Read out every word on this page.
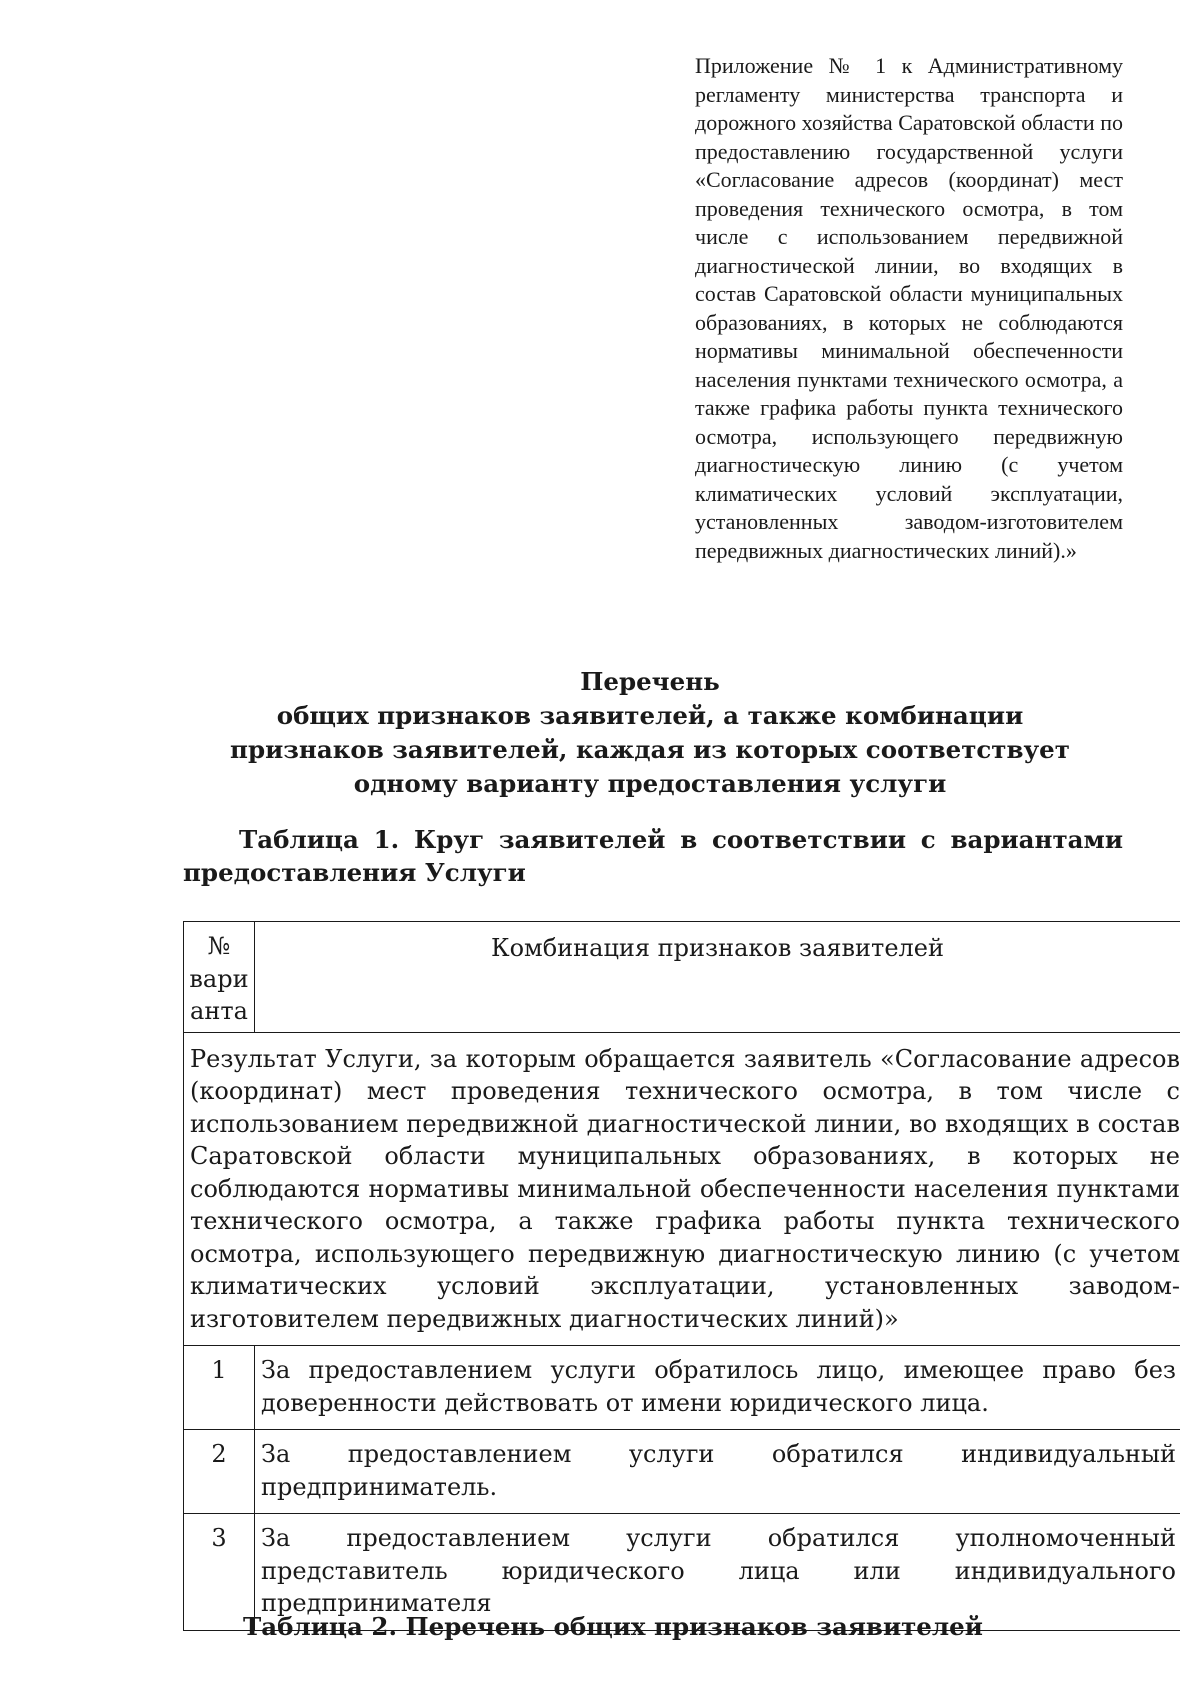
Приложение № 1 к Административному регламенту министерства транспорта и дорожного хозяйства Саратовской области по предоставлению государственной услуги «Согласование адресов (координат) мест проведения технического осмотра, в том числе с использованием передвижной диагностической линии, во входящих в состав Саратовской области муниципальных образованиях, в которых не соблюдаются нормативы минимальной обеспеченности населения пунктами технического осмотра, а также графика работы пункта технического осмотра, использующего передвижную диагностическую линию (с учетом климатических условий эксплуатации, установленных заводом-изготовителем передвижных диагностических линий).»
Перечень
общих признаков заявителей, а также комбинации
признаков заявителей, каждая из которых соответствует
одному варианту предоставления услуги
Таблица 1. Круг заявителей в соответствии с вариантами
предоставления Услуги
№ вари анта	Комбинация признаков заявителей
Результат Услуги, за которым обращается заявитель «Согласование адресов (координат) мест проведения технического осмотра, в том числе с использованием передвижной диагностической линии, во входящих в состав Саратовской области муниципальных образованиях, в которых не соблюдаются нормативы минимальной обеспеченности населения пунктами технического осмотра, а также графика работы пункта технического осмотра, использующего передвижную диагностическую линию (с учетом климатических условий эксплуатации, установленных заводом-изготовителем передвижных диагностических линий)»	
1	За предоставлением услуги обратилось лицо, имеющее право без доверенности действовать от имени юридического лица.
2	За предоставлением услуги обратился индивидуальный предприниматель.
3	За предоставлением услуги обратился уполномоченный представитель юридического лица или индивидуального предпринимателя
Таблица 2. Перечень общих признаков заявителей
